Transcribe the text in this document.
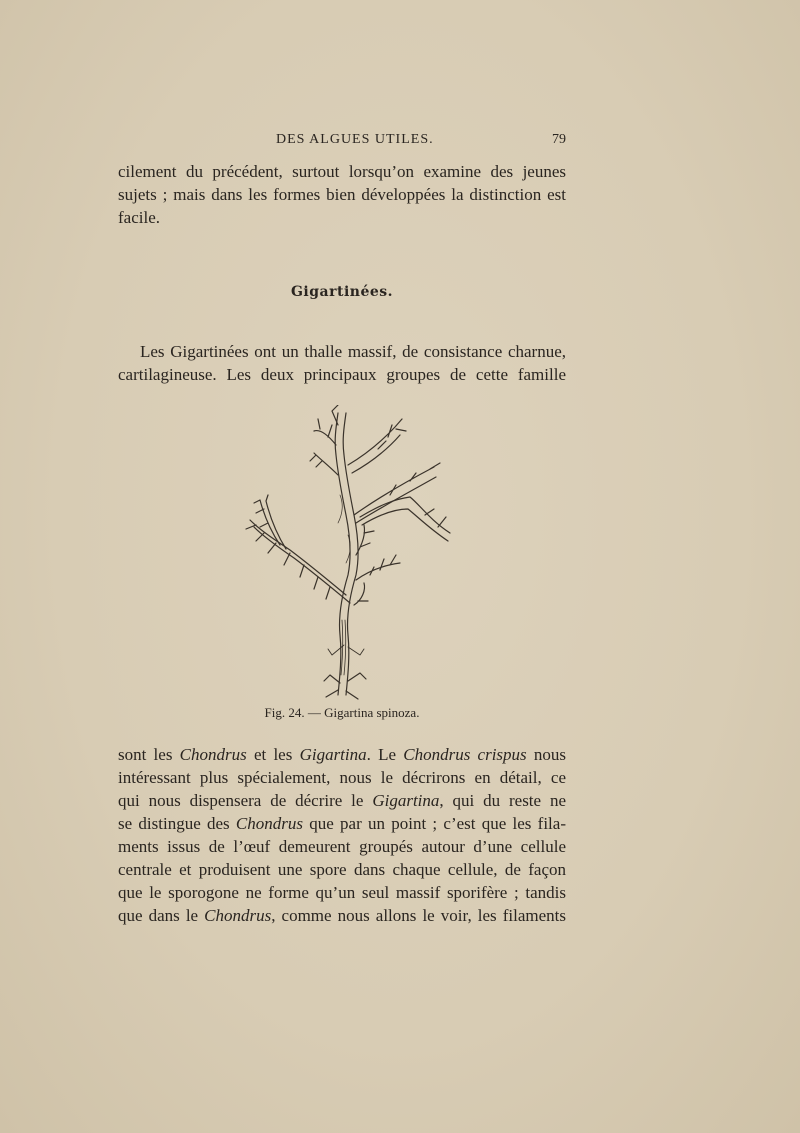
DES ALGUES UTILES.	79
cilement du précédent, surtout lorsqu’on examine des jeunes
sujets ; mais dans les formes bien développées la distinction est
facile.
Gigartinées.
Les Gigartinées ont un thalle massif, de consistance charnue,
cartilagineuse. Les deux principaux groupes de cette famille
Fig. 24. — Gigartina spinoza.
sont les Chondrus et les Gigartina. Le Chondrus crispus nous
intéressant plus spécialement, nous le décrirons en détail, ce
qui nous dispensera de décrire le Gigartina, qui du reste ne
se distingue des Chondrus que par un point ; c’est que les fila-
ments issus de l’œuf demeurent groupés autour d’une cellule
centrale et produisent une spore dans chaque cellule, de façon
que le sporogone ne forme qu’un seul massif sporifère ; tandis
que dans le Chondrus, comme nous allons le voir, les filaments
